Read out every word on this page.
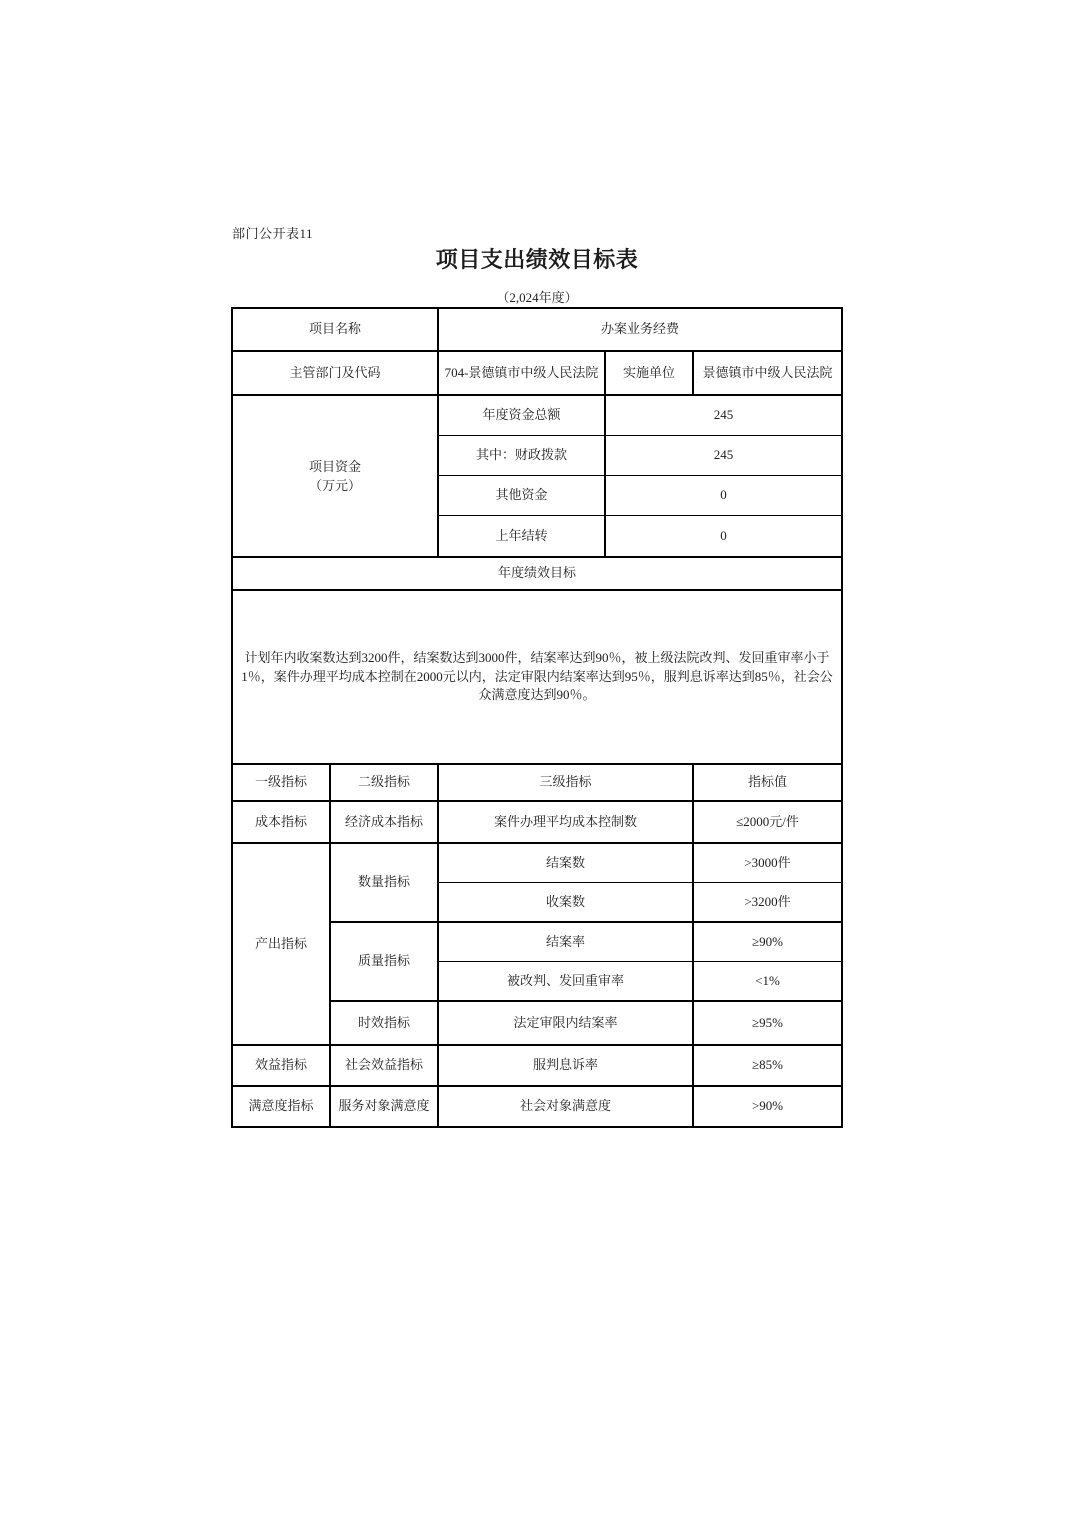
部门公开表11
项目支出绩效目标表
（2,024年度）
项目名称		办案业务经费		
主管部门及代码		704-景德镇市中级人民法院	实施单位	景德镇市中级人民法院

项目资金
（万元）		年度资金总额	245	
		其中：财政拨款	245	
		其他资金	0	
		上年结转	0	
年度绩效目标				
计划年内收案数达到3200件，结案数达到3000件，结案率达到90％，被上级法院改判、发回重审率小于1％，案件办理平均成本控制在2000元以内，法定审限内结案率达到95％，服判息诉率达到85％，社会公众满意度达到90％。				
一级指标	二级指标	三级指标		指标值
成本指标	经济成本指标	案件办理平均成本控制数		≤2000元/件
产出指标	数量指标	结案数		>3000件
		收案数		>3200件
	质量指标	结案率		≥90%
		被改判、发回重审率		<1%
	时效指标	法定审限内结案率		≥95%
效益指标	社会效益指标	服判息诉率		≥85%
满意度指标	服务对象满意度	社会对象满意度		>90%
